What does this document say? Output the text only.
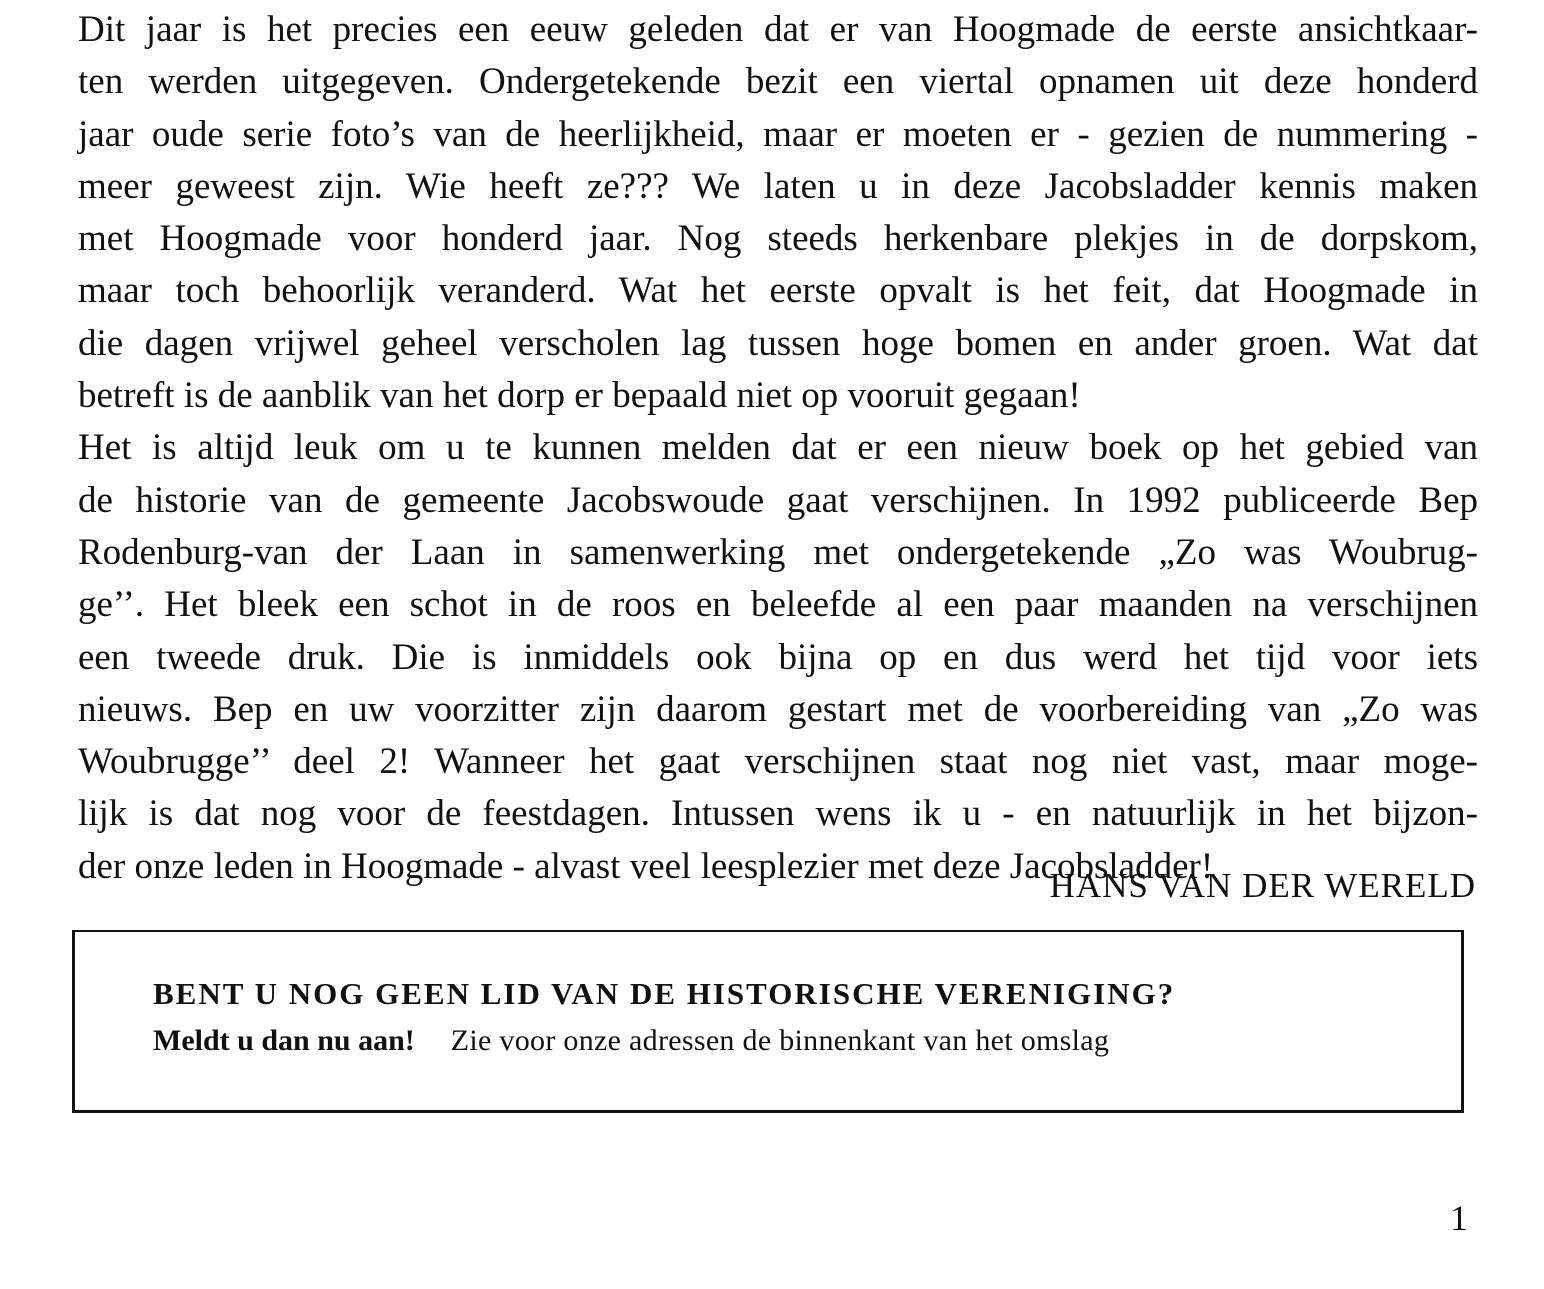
Dit jaar is het precies een eeuw geleden dat er van Hoogmade de eerste ansichtkaar-
ten werden uitgegeven. Ondergetekende bezit een viertal opnamen uit deze honderd
jaar oude serie foto’s van de heerlijkheid, maar er moeten er - gezien de nummering -
meer geweest zijn. Wie heeft ze??? We laten u in deze Jacobsladder kennis maken
met Hoogmade voor honderd jaar. Nog steeds herkenbare plekjes in de dorpskom,
maar toch behoorlijk veranderd. Wat het eerste opvalt is het feit, dat Hoogmade in
die dagen vrijwel geheel verscholen lag tussen hoge bomen en ander groen. Wat dat
betreft is de aanblik van het dorp er bepaald niet op vooruit gegaan!
Het is altijd leuk om u te kunnen melden dat er een nieuw boek op het gebied van
de historie van de gemeente Jacobswoude gaat verschijnen. In 1992 publiceerde Bep
Rodenburg-van der Laan in samenwerking met ondergetekende „Zo was Woubrug-
ge’’. Het bleek een schot in de roos en beleefde al een paar maanden na verschijnen
een tweede druk. Die is inmiddels ook bijna op en dus werd het tijd voor iets
nieuws. Bep en uw voorzitter zijn daarom gestart met de voorbereiding van „Zo was
Woubrugge’’ deel 2! Wanneer het gaat verschijnen staat nog niet vast, maar moge-
lijk is dat nog voor de feestdagen. Intussen wens ik u - en natuurlijk in het bijzon-
der onze leden in Hoogmade - alvast veel leesplezier met deze Jacobsladder!
HANS VAN DER WERELD
BENT U NOG GEEN LID VAN DE HISTORISCHE VERENIGING?
Meldt u dan nu aan! Zie voor onze adressen de binnenkant van het omslag
1
